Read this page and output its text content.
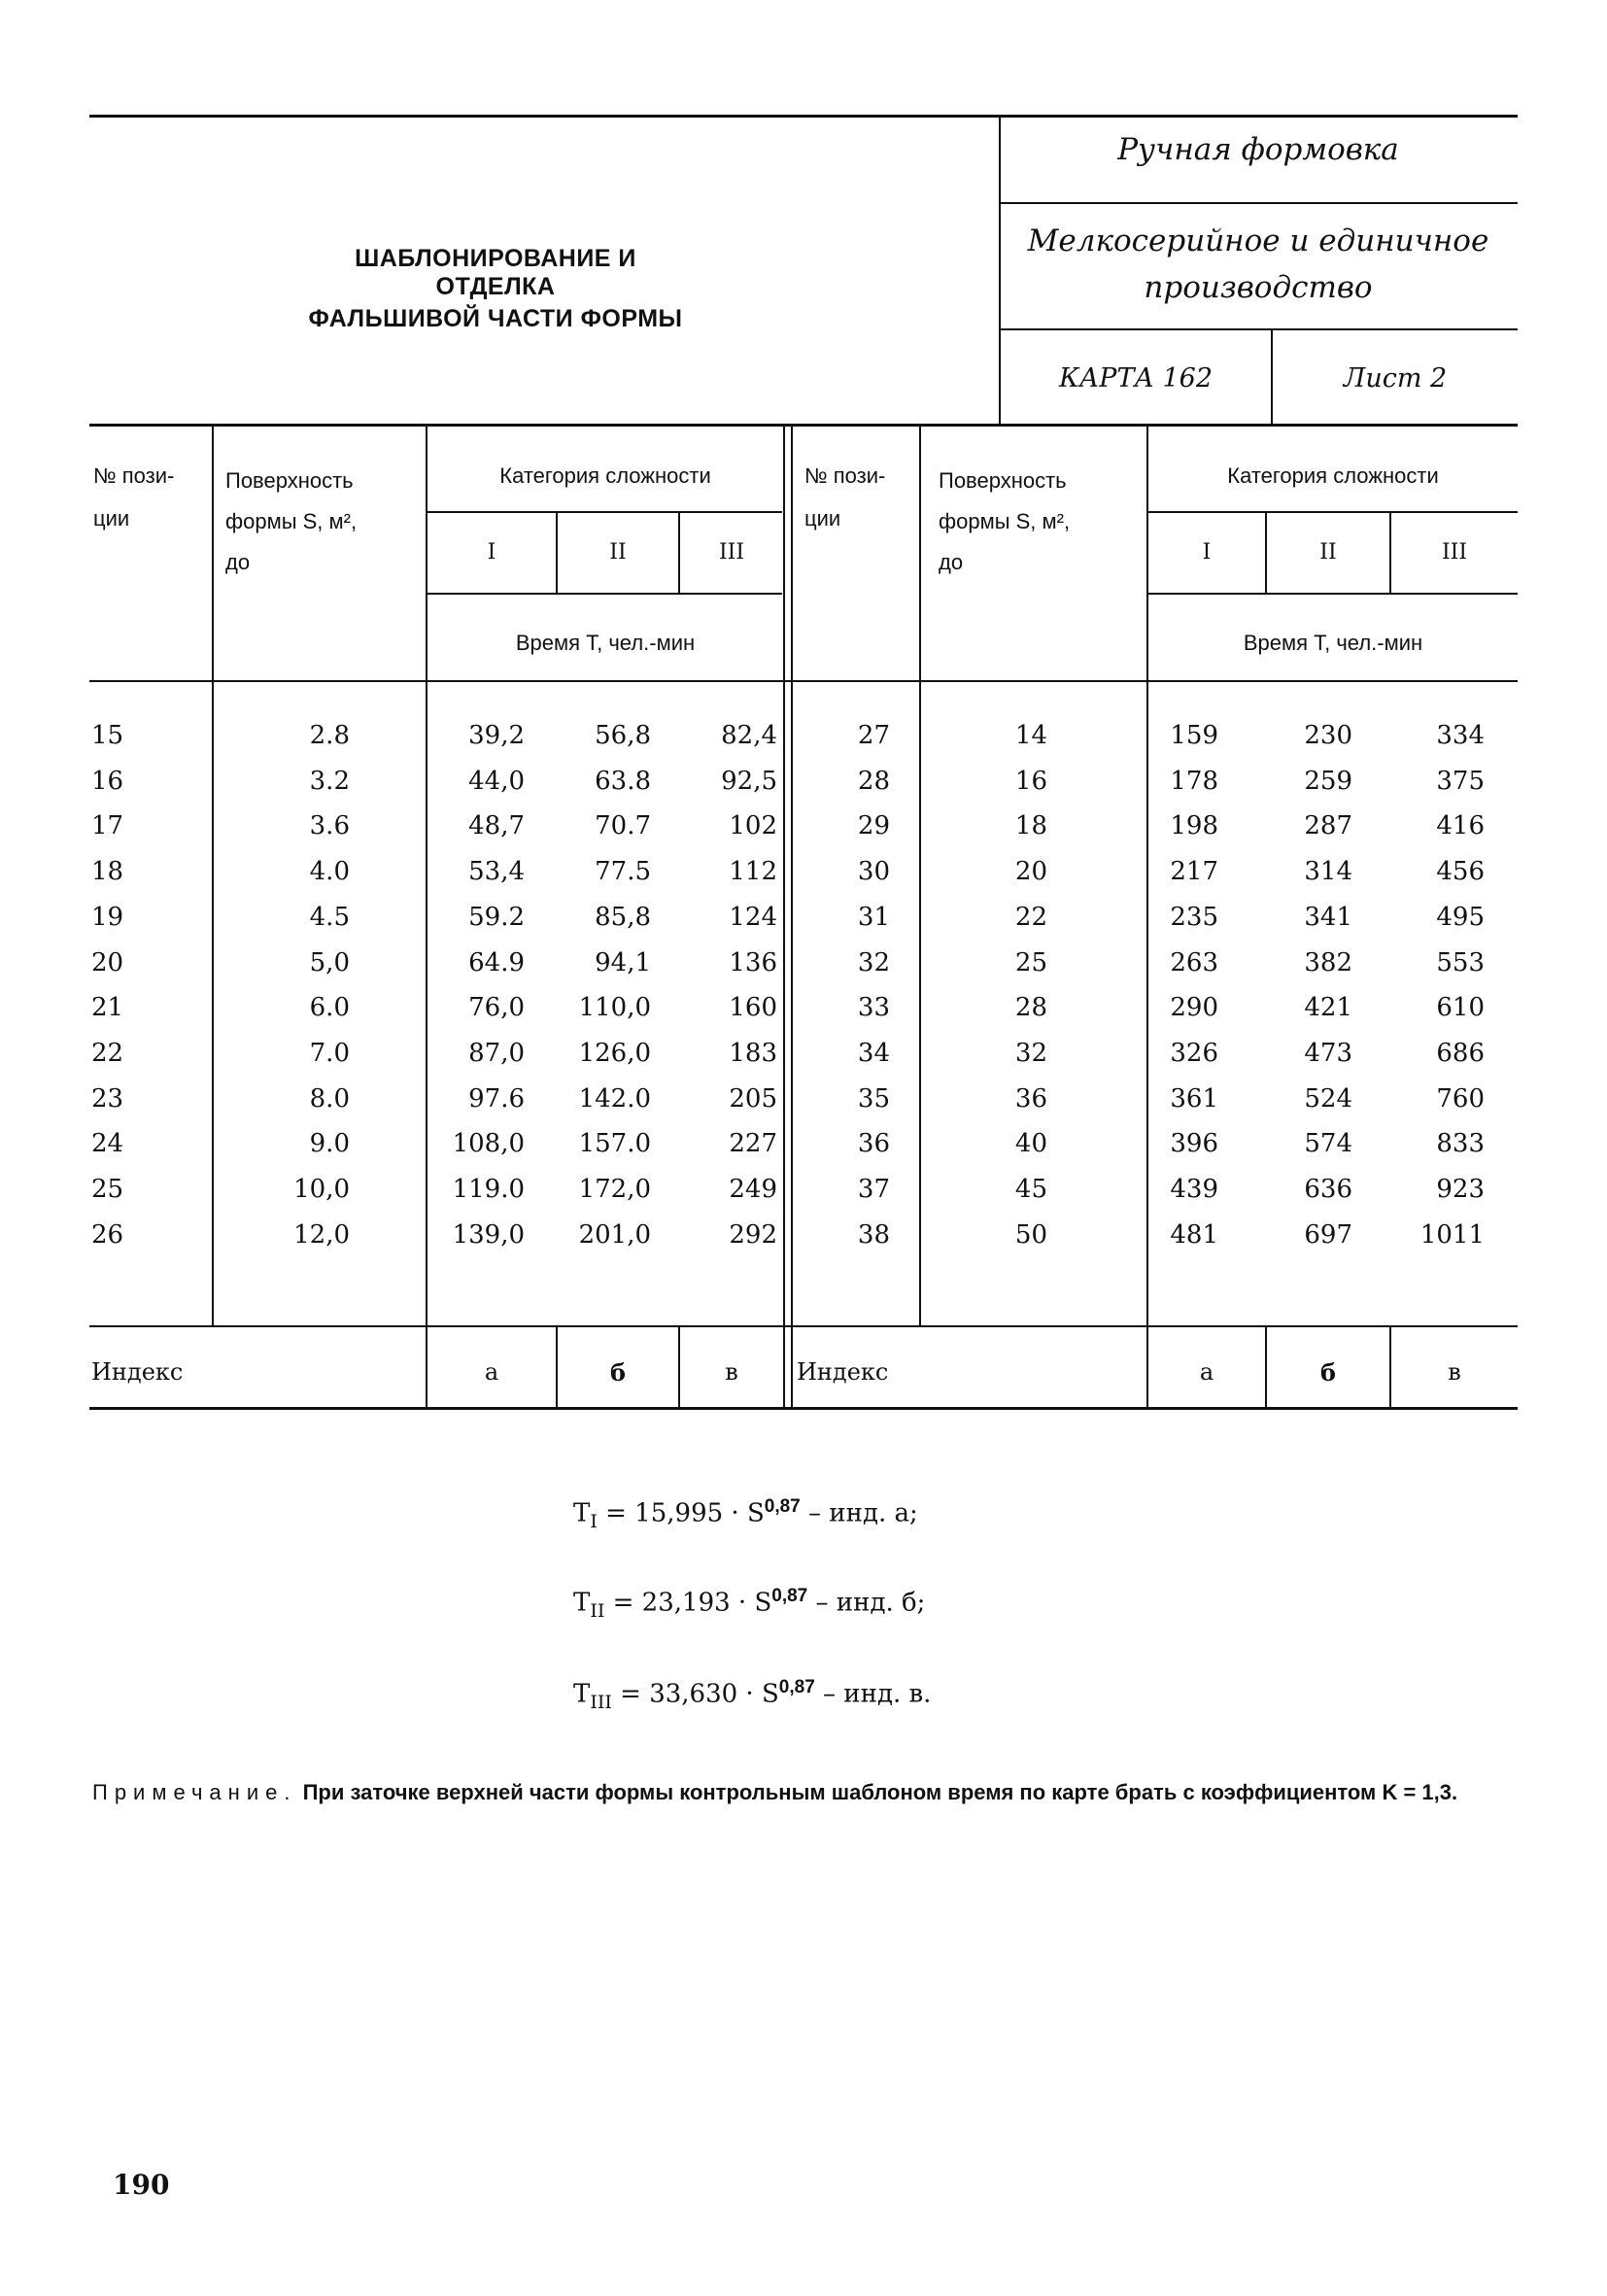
ШАБЛОНИРОВАНИЕ И ОТДЕЛКА
ФАЛЬШИВОЙ ЧАСТИ ФОРМЫ
Ручная формовка
Мелкосерийное и единичное
производство
КАРТА 162	Лист 2
№ пози-
ции
Поверхность
формы S, м²,
до
Категория сложности
I	II	III
Время T, чел.-мин
№ пози-
ции
Поверхность
формы S, м²,
до
Категория сложности
I	II	III
Время T, чел.-мин
15	2.8	39,2	56,8	82,4
16	3.2	44,0	63.8	92,5
17	3.6	48,7	70.7	102
18	4.0	53,4	77.5	112
19	4.5	59.2	85,8	124
20	5,0	64.9	94,1	136
21	6.0	76,0	110,0	160
22	7.0	87,0	126,0	183
23	8.0	97.6	142.0	205
24	9.0	108,0	157.0	227
25	10,0	119.0	172,0	249
26	12,0	139,0	201,0	292
27	14	159	230	334
28	16	178	259	375
29	18	198	287	416
30	20	217	314	456
31	22	235	341	495
32	25	263	382	553
33	28	290	421	610
34	32	326	473	686
35	36	361	524	760
36	40	396	574	833
37	45	439	636	923
38	50	481	697	1011
Индекс	а	б	в	Индекс	а	б	в
$T_I = 15,995 \cdot S^{0,87}$ – инд. а;
$T_{II} = 23,193 \cdot S^{0,87}$ – инд. б;
$T_{III} = 33,630 \cdot S^{0,87}$ – инд. в.
Примечание. При заточке верхней части формы контрольным шаблоном время по карте брать с коэффициентом K = 1,3.
190
